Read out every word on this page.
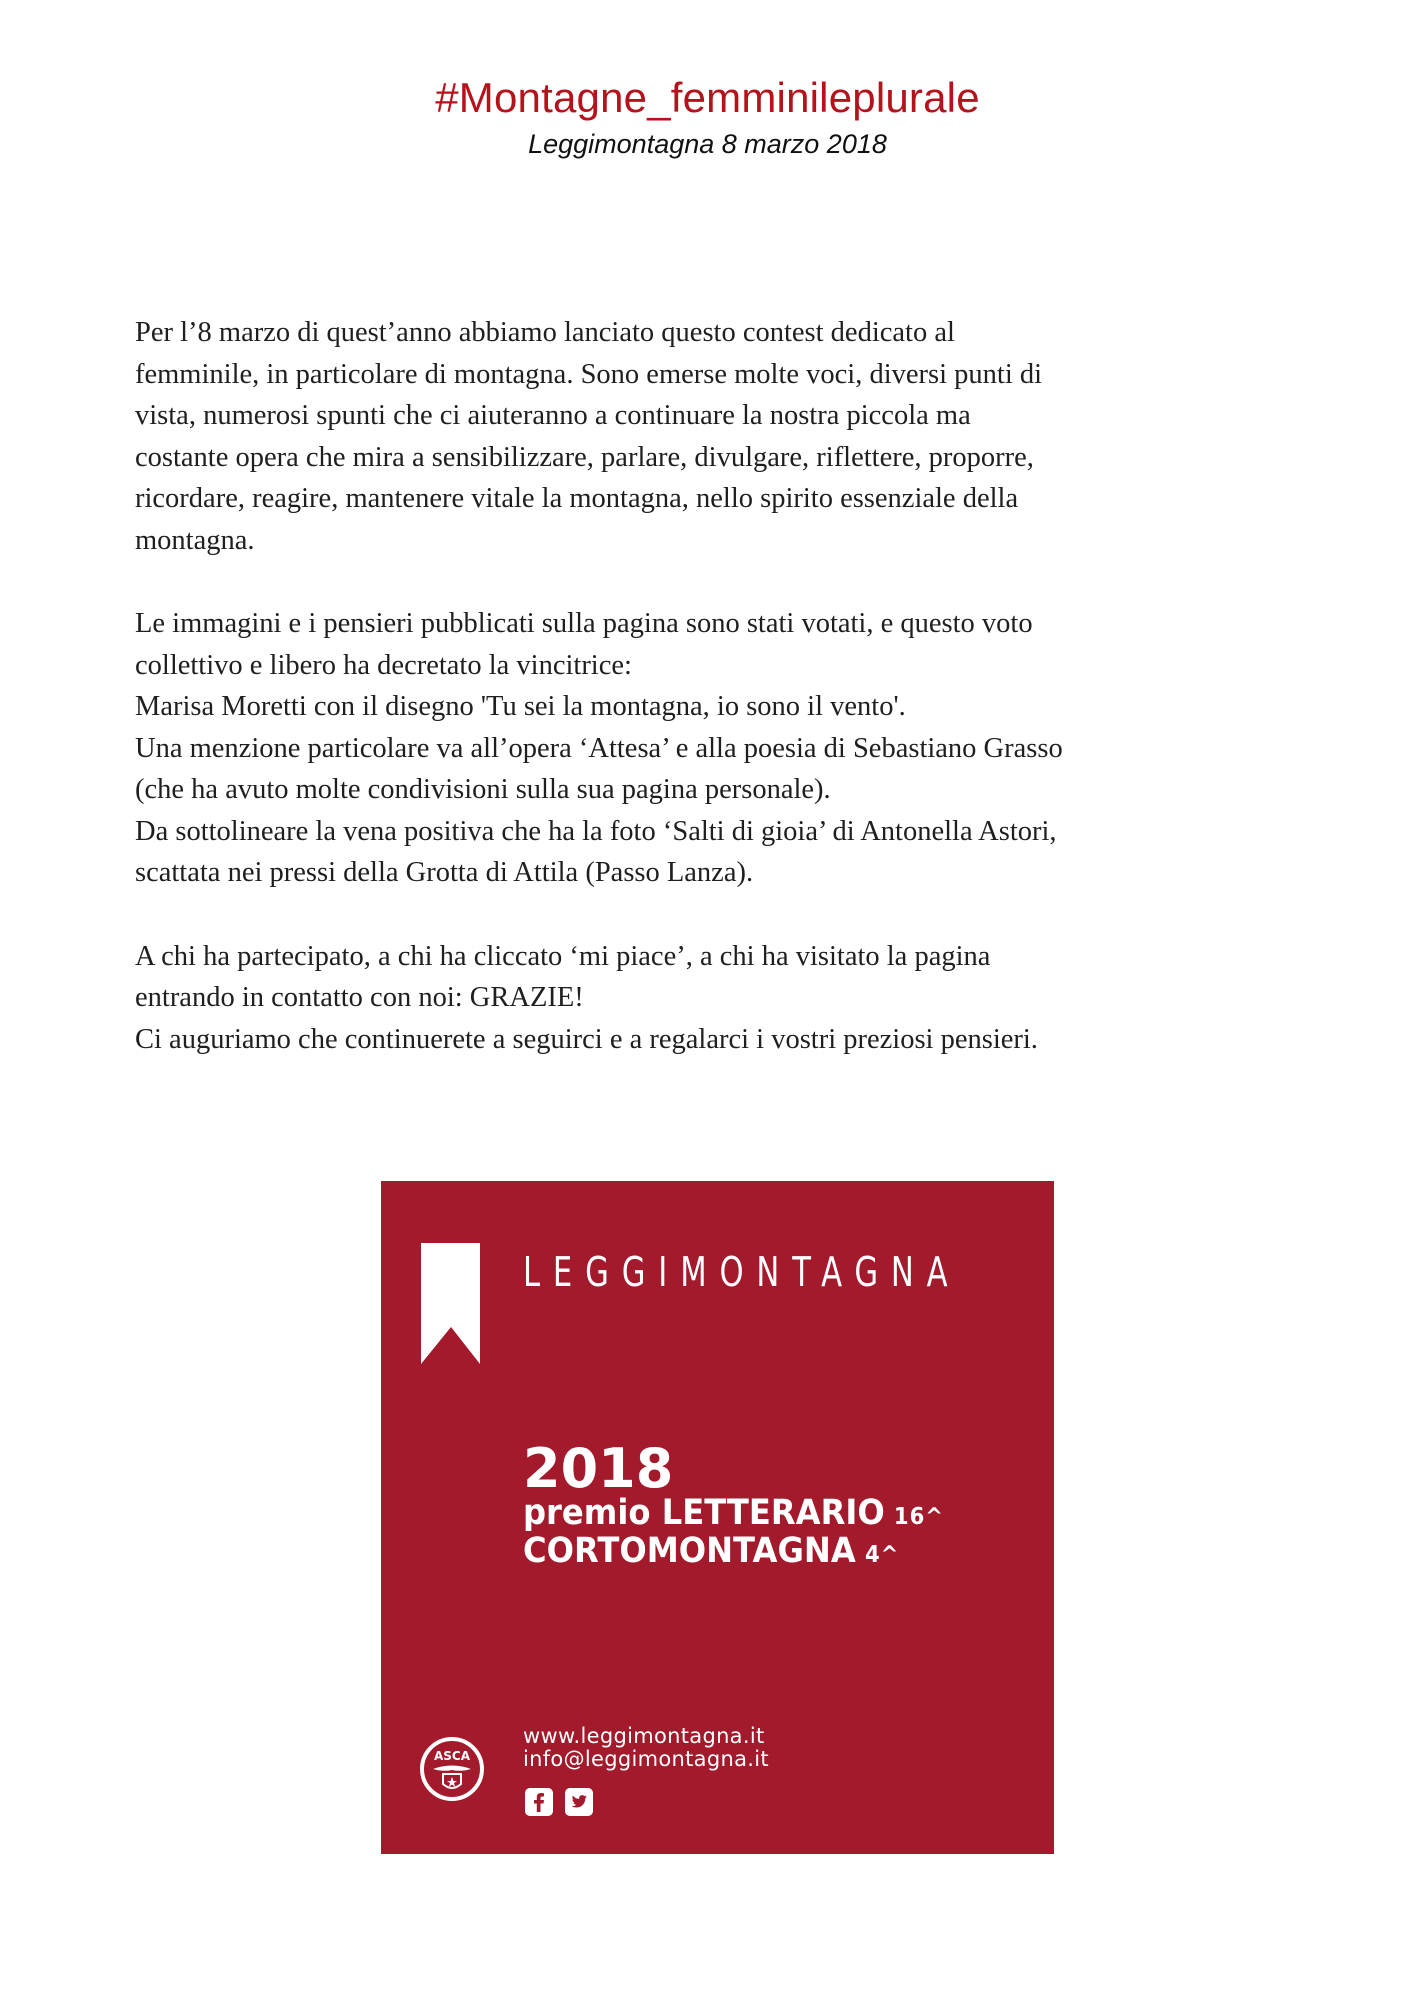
#Montagne_femminileplurale
Leggimontagna 8 marzo 2018

Per l’8 marzo di quest’anno abbiamo lanciato questo contest dedicato al
femminile, in particolare di montagna. Sono emerse molte voci, diversi punti di
vista, numerosi spunti che ci aiuteranno a continuare la nostra piccola ma
costante opera che mira a sensibilizzare, parlare, divulgare, riflettere, proporre,
ricordare, reagire, mantenere vitale la montagna, nello spirito essenziale della
montagna.

Le immagini e i pensieri pubblicati sulla pagina sono stati votati, e questo voto
collettivo e libero ha decretato la vincitrice:
Marisa Moretti con il disegno 'Tu sei la montagna, io sono il vento'.
Una menzione particolare va all’opera ‘Attesa’ e alla poesia di Sebastiano Grasso
(che ha avuto molte condivisioni sulla sua pagina personale).
Da sottolineare la vena positiva che ha la foto ‘Salti di gioia’ di Antonella Astori,
scattata nei pressi della Grotta di Attila (Passo Lanza).

A chi ha partecipato, a chi ha cliccato ‘mi piace’, a chi ha visitato la pagina
entrando in contatto con noi: GRAZIE!
Ci auguriamo che continuerete a seguirci e a regalarci i vostri preziosi pensieri.

LEGGIMONTAGNA
2018
premio LETTERARIO 16^
CORTOMONTAGNA 4^
ASCA
www.leggimontagna.it
info@leggimontagna.it
